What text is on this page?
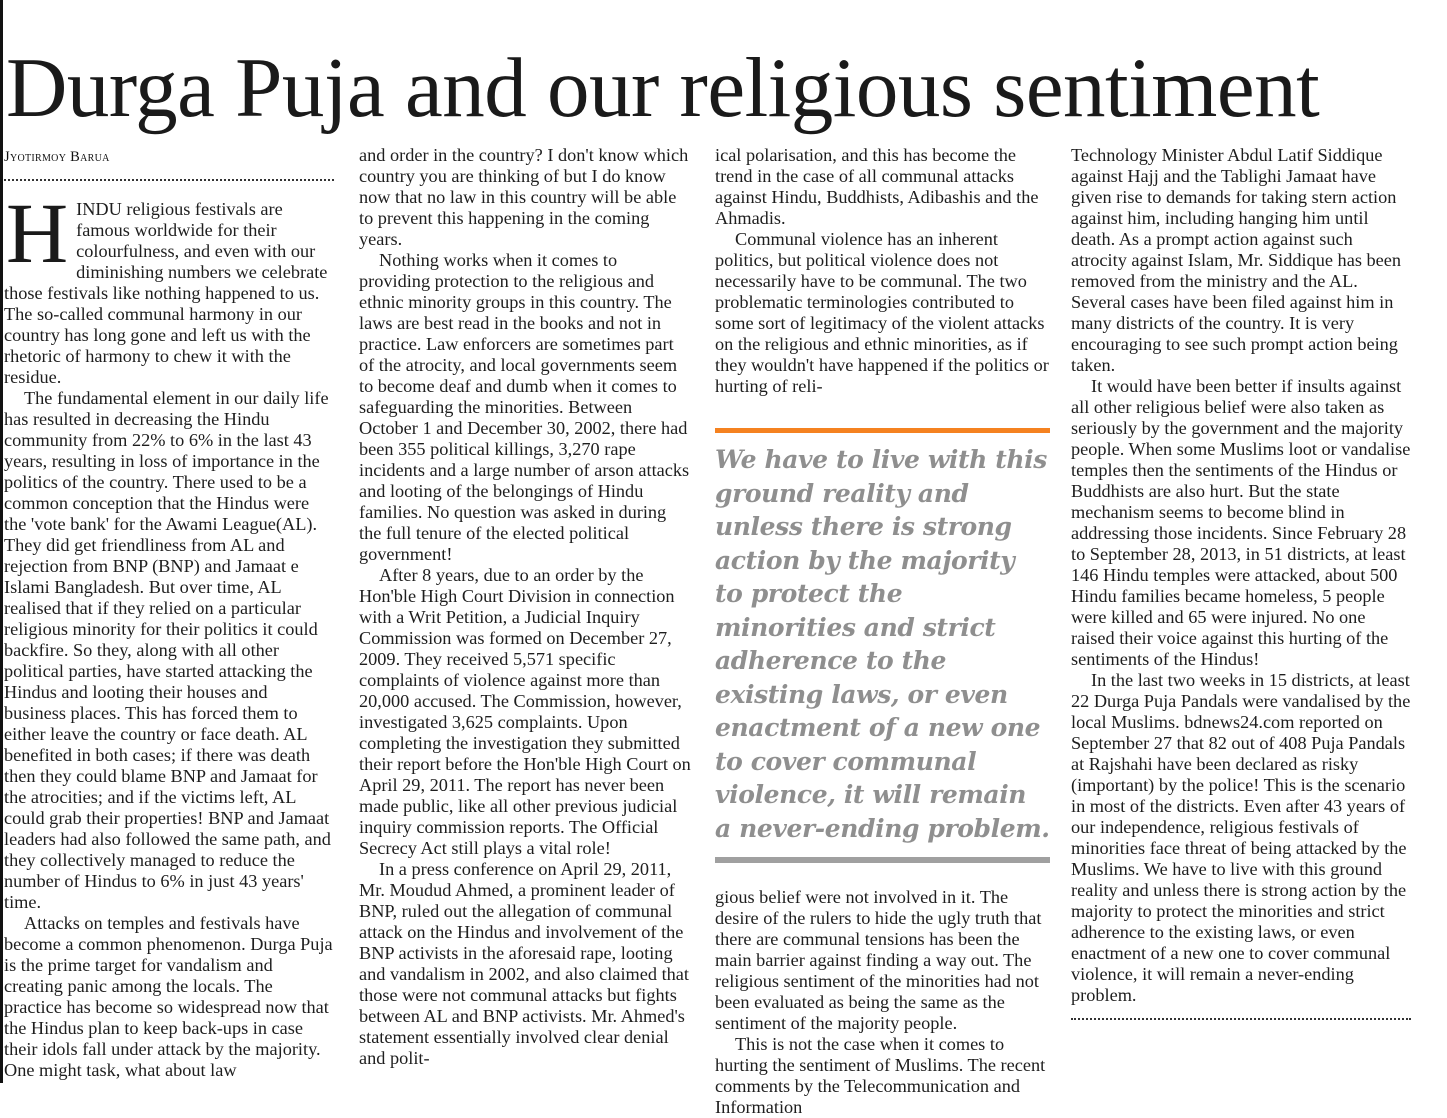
Durga Puja and our religious sentiment
Jyotirmoy Barua

HINDU religious festivals are famous worldwide for their colourfulness, and even with our diminishing numbers we celebrate those festivals like nothing happened to us. The so-called communal harmony in our country has long gone and left us with the rhetoric of harmony to chew it with the residue.

The fundamental element in our daily life has resulted in decreasing the Hindu community from 22% to 6% in the last 43 years, resulting in loss of importance in the politics of the country. There used to be a common conception that the Hindus were the 'vote bank' for the Awami League(AL). They did get friendliness from AL and rejection from BNP (BNP) and Jamaat e Islami Bangladesh. But over time, AL realised that if they relied on a particular religious minority for their politics it could backfire. So they, along with all other political parties, have started attacking the Hindus and looting their houses and business places. This has forced them to either leave the country or face death. AL benefited in both cases; if there was death then they could blame BNP and Jamaat for the atrocities; and if the victims left, AL could grab their properties! BNP and Jamaat leaders had also followed the same path, and they collectively managed to reduce the number of Hindus to 6% in just 43 years' time.

Attacks on temples and festivals have become a common phenomenon. Durga Puja is the prime target for vandalism and creating panic among the locals. The practice has become so widespread now that the Hindus plan to keep back-ups in case their idols fall under attack by the majority. One might task, what about law

and order in the country? I don't know which country you are thinking of but I do know now that no law in this country will be able to prevent this happening in the coming years.

Nothing works when it comes to providing protection to the religious and ethnic minority groups in this country. The laws are best read in the books and not in practice. Law enforcers are sometimes part of the atrocity, and local governments seem to become deaf and dumb when it comes to safeguarding the minorities. Between October 1 and December 30, 2002, there had been 355 political killings, 3,270 rape incidents and a large number of arson attacks and looting of the belongings of Hindu families. No question was asked in during the full tenure of the elected political government!

After 8 years, due to an order by the Hon'ble High Court Division in connection with a Writ Petition, a Judicial Inquiry Commission was formed on December 27, 2009. They received 5,571 specific complaints of violence against more than 20,000 accused. The Commission, however, investigated 3,625 complaints. Upon completing the investigation they submitted their report before the Hon'ble High Court on April 29, 2011. The report has never been made public, like all other previous judicial inquiry commission reports. The Official Secrecy Act still plays a vital role!

In a press conference on April 29, 2011, Mr. Moudud Ahmed, a prominent leader of BNP, ruled out the allegation of communal attack on the Hindus and involvement of the BNP activists in the aforesaid rape, looting and vandalism in 2002, and also claimed that those were not communal attacks but fights between AL and BNP activists. Mr. Ahmed's statement essentially involved clear denial and polit-

ical polarisation, and this has become the trend in the case of all communal attacks against Hindu, Buddhists, Adibashis and the Ahmadis.

Communal violence has an inherent politics, but political violence does not necessarily have to be communal. The two problematic terminologies contributed to some sort of legitimacy of the violent attacks on the religious and ethnic minorities, as if they wouldn't have happened if the politics or hurting of reli-

We have to live with this ground reality and unless there is strong action by the majority to protect the minorities and strict adherence to the existing laws, or even enactment of a new one to cover communal violence, it will remain a never-ending problem.

gious belief were not involved in it. The desire of the rulers to hide the ugly truth that there are communal tensions has been the main barrier against finding a way out. The religious sentiment of the minorities had not been evaluated as being the same as the sentiment of the majority people.

This is not the case when it comes to hurting the sentiment of Muslims. The recent comments by the Telecommunication and Information

Technology Minister Abdul Latif Siddique against Hajj and the Tablighi Jamaat have given rise to demands for taking stern action against him, including hanging him until death. As a prompt action against such atrocity against Islam, Mr. Siddique has been removed from the ministry and the AL. Several cases have been filed against him in many districts of the country. It is very encouraging to see such prompt action being taken.

It would have been better if insults against all other religious belief were also taken as seriously by the government and the majority people. When some Muslims loot or vandalise temples then the sentiments of the Hindus or Buddhists are also hurt. But the state mechanism seems to become blind in addressing those incidents. Since February 28 to September 28, 2013, in 51 districts, at least 146 Hindu temples were attacked, about 500 Hindu families became homeless, 5 people were killed and 65 were injured. No one raised their voice against this hurting of the sentiments of the Hindus!

In the last two weeks in 15 districts, at least 22 Durga Puja Pandals were vandalised by the local Muslims. bdnews24.com reported on September 27 that 82 out of 408 Puja Pandals at Rajshahi have been declared as risky (important) by the police! This is the scenario in most of the districts. Even after 43 years of our independence, religious festivals of minorities face threat of being attacked by the Muslims. We have to live with this ground reality and unless there is strong action by the majority to protect the minorities and strict adherence to the existing laws, or even enactment of a new one to cover communal violence, it will remain a never-ending problem.
